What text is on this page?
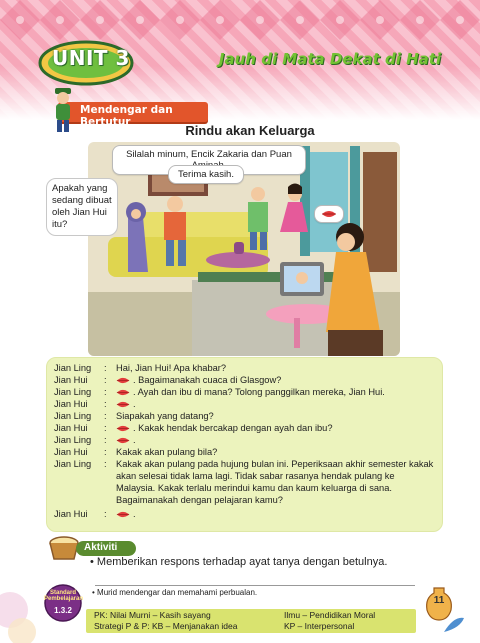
UNIT 3	Jauh di Mata Dekat di Hati
Mendengar dan Bertutur
Rindu akan Keluarga
Silalah minum, Encik Zakaria dan Puan
Terima kasih.
Apakah yang sedang dibuat oleh Jian Hui itu?
Jian Ling	:	Hai, Jian Hui! Apa khabar?
Jian Hui	:	. Bagaimanakah cuaca di Glasgow?
Jian Ling	:	. Ayah dan ibu di mana? Tolong panggilkan mereka, Jian Hui.
Jian Hui	:	.
Jian Ling	:	Siapakah yang datang?
Jian Hui	:	. Kakak hendak bercakap dengan ayah dan ibu?
Jian Ling	:	.
Jian Hui	:	Kakak akan pulang bila?
Jian Ling	:	Kakak akan pulang pada hujung bulan ini. Peperiksaan akhir semester kakak akan selesai tidak lama lagi. Tidak sabar rasanya hendak pulang ke Malaysia. Kakak terlalu merindui kamu dan kaum keluarga di sana. Bagaimanakah dengan pelajaran kamu?
Jian Hui	:	.
Aktiviti
• Memberikan respons terhadap ayat tanya dengan betulnya.
Standard Pembelajaran
1.3.2
• Murid mendengar dan memahami perbualan.
PK: Nilai Murni – Kasih sayang
Strategi P & P: KB – Menjanakan idea
Ilmu – Pendidikan Moral
KP – Interpersonal
11
